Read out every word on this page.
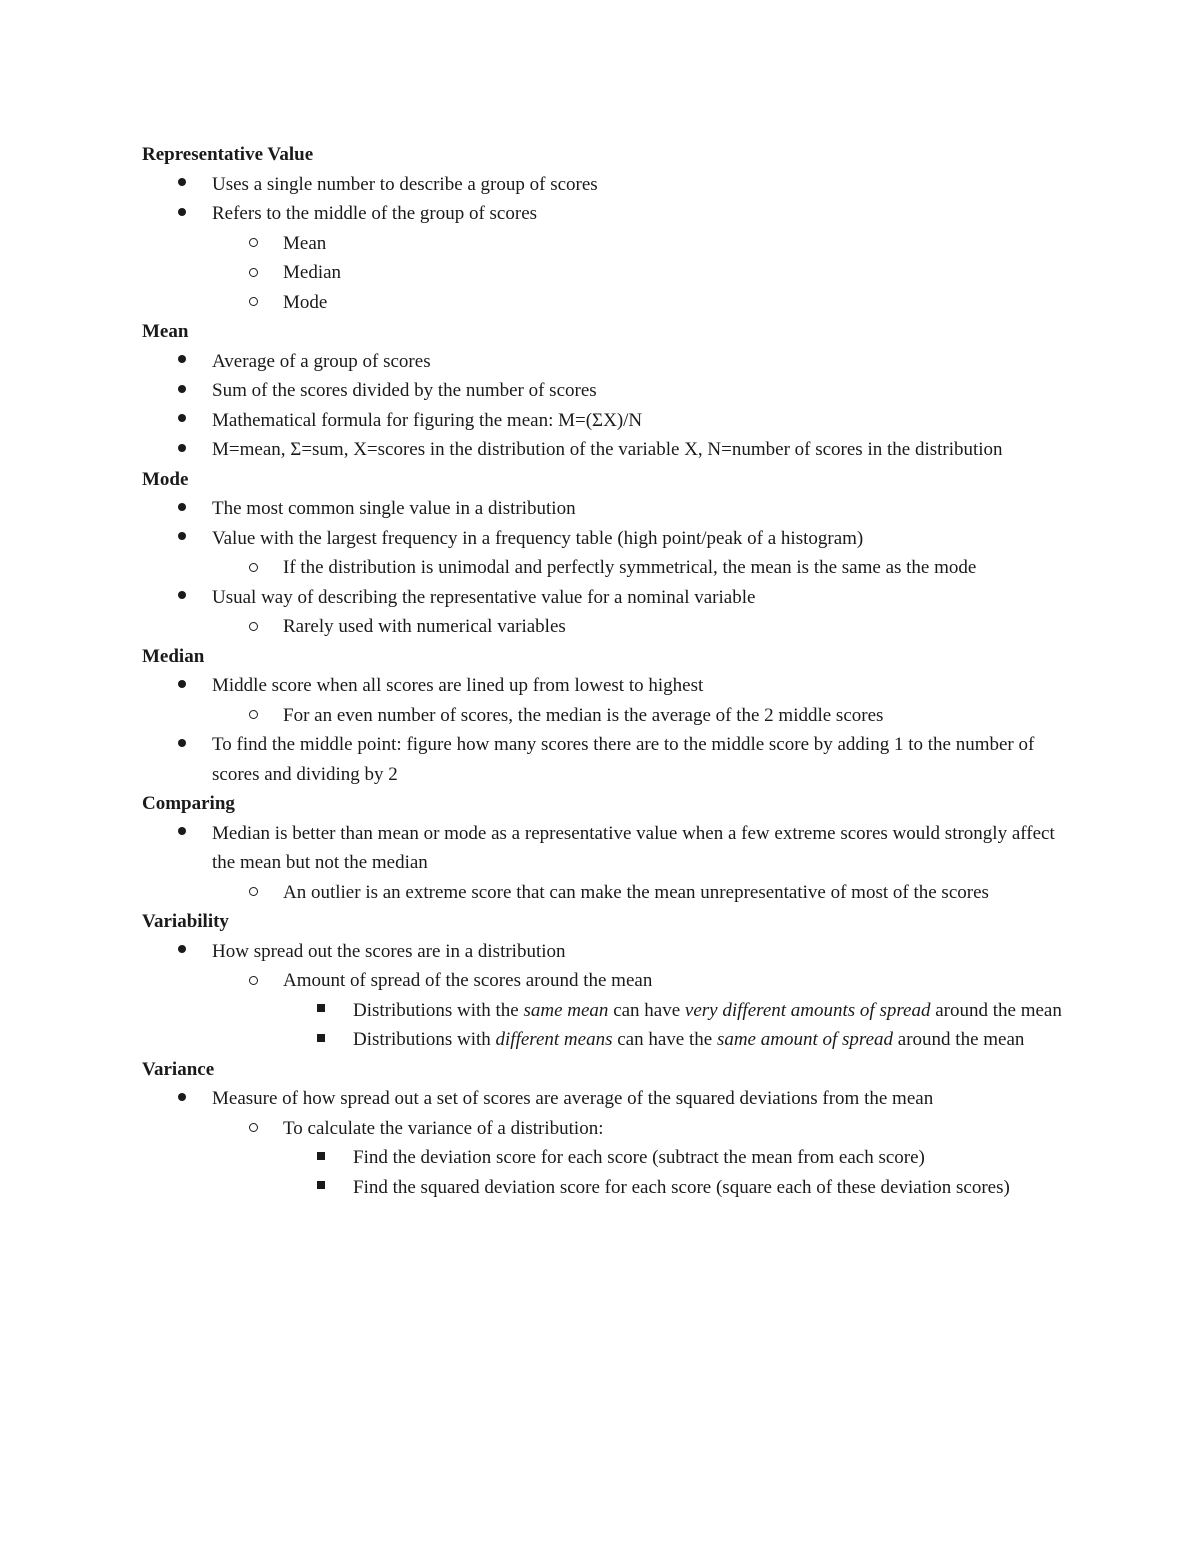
Representative Value
Uses a single number to describe a group of scores
Refers to the middle of the group of scores
Mean
Median
Mode
Mean
Average of a group of scores
Sum of the scores divided by the number of scores
Mathematical formula for figuring the mean: M=(ΣX)/N
M=mean, Σ=sum, X=scores in the distribution of the variable X, N=number of scores in the distribution
Mode
The most common single value in a distribution
Value with the largest frequency in a frequency table (high point/peak of a histogram)
If the distribution is unimodal and perfectly symmetrical, the mean is the same as the mode
Usual way of describing the representative value for a nominal variable
Rarely used with numerical variables
Median
Middle score when all scores are lined up from lowest to highest
For an even number of scores, the median is the average of the 2 middle scores
To find the middle point: figure how many scores there are to the middle score by adding 1 to the number of scores and dividing by 2
Comparing
Median is better than mean or mode as a representative value when a few extreme scores would strongly affect the mean but not the median
An outlier is an extreme score that can make the mean unrepresentative of most of the scores
Variability
How spread out the scores are in a distribution
Amount of spread of the scores around the mean
Distributions with the same mean can have very different amounts of spread around the mean
Distributions with different means can have the same amount of spread around the mean
Variance
Measure of how spread out a set of scores are average of the squared deviations from the mean
To calculate the variance of a distribution:
Find the deviation score for each score (subtract the mean from each score)
Find the squared deviation score for each score (square each of these deviation scores)
